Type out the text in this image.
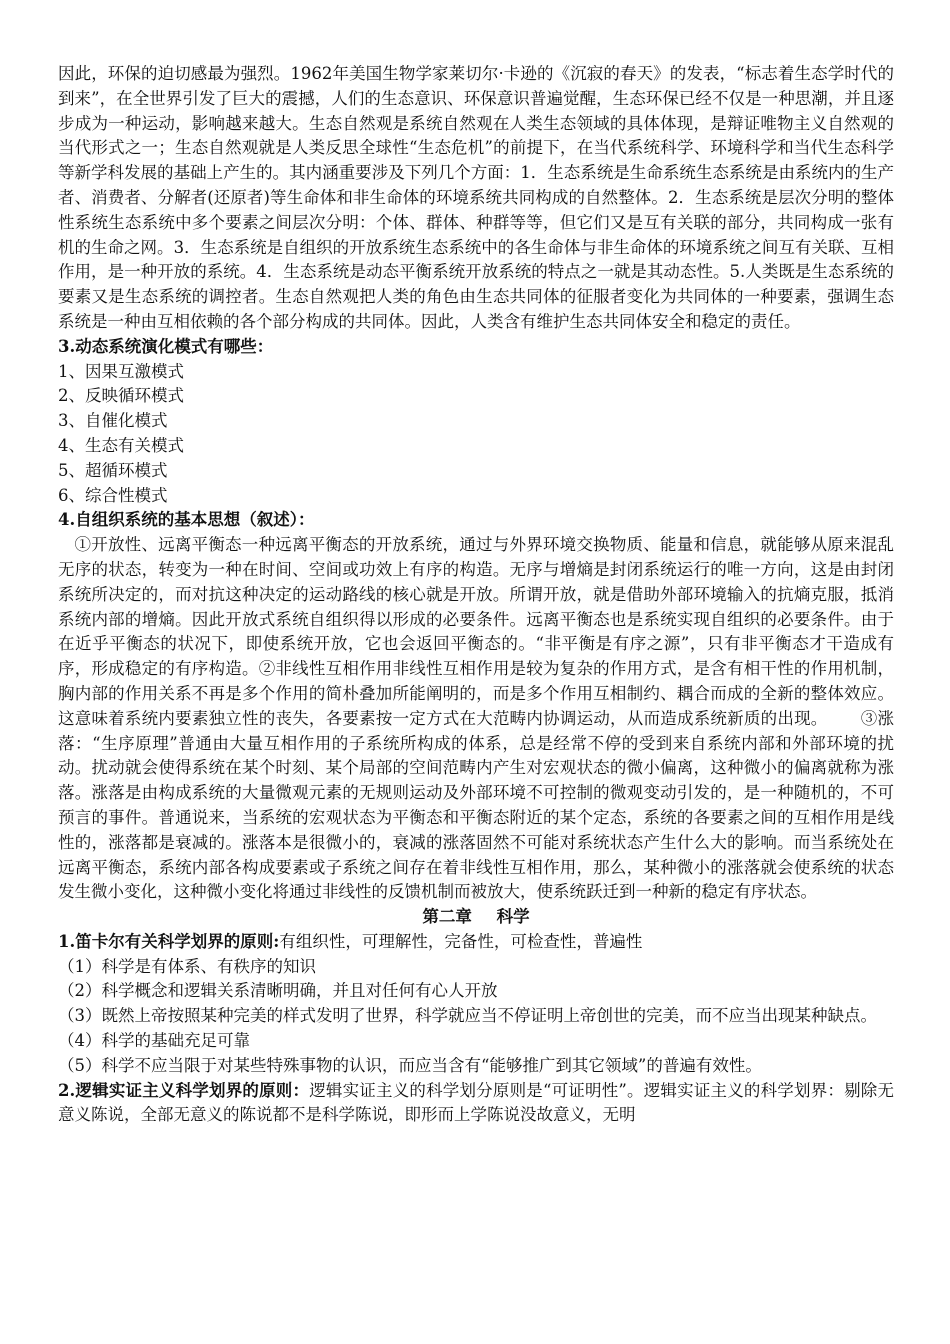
因此，环保的迫切感最为强烈。1962年美国生物学家莱切尔·卡逊的《沉寂的春天》的发表，“标志着生态学时代的到来”，在全世界引发了巨大的震撼，人们的生态意识、环保意识普遍觉醒，生态环保已经不仅是一种思潮，并且逐步成为一种运动，影响越来越大。生态自然观是系统自然观在人类生态领域的具体体现，是辩证唯物主义自然观的当代形式之一；生态自然观就是人类反思全球性“生态危机”的前提下，在当代系统科学、环境科学和当代生态科学等新学科发展的基础上产生的。其内涵重要涉及下列几个方面：1．生态系统是生命系统生态系统是由系统内的生产者、消费者、分解者(还原者)等生命体和非生命体的环境系统共同构成的自然整体。2．生态系统是层次分明的整体性系统生态系统中多个要素之间层次分明：个体、群体、种群等等，但它们又是互有关联的部分，共同构成一张有机的生命之网。3．生态系统是自组织的开放系统生态系统中的各生命体与非生命体的环境系统之间互有关联、互相作用，是一种开放的系统。4．生态系统是动态平衡系统开放系统的特点之一就是其动态性。5.人类既是生态系统的要素又是生态系统的调控者。生态自然观把人类的角色由生态共同体的征服者变化为共同体的一种要素，强调生态系统是一种由互相依赖的各个部分构成的共同体。因此，人类含有维护生态共同体安全和稳定的责任。

3.动态系统演化模式有哪些：

1、因果互激模式

2、反映循环模式

3、自催化模式

4、生态有关模式

5、超循环模式

6、综合性模式

4.自组织系统的基本思想（叙述）：

①开放性、远离平衡态一种远离平衡态的开放系统，通过与外界环境交换物质、能量和信息，就能够从原来混乱无序的状态，转变为一种在时间、空间或功效上有序的构造。无序与增熵是封闭系统运行的唯一方向，这是由封闭系统所决定的，而对抗这种决定的运动路线的核心就是开放。所谓开放，就是借助外部环境输入的抗熵克服，抵消系统内部的增熵。因此开放式系统自组织得以形成的必要条件。远离平衡态也是系统实现自组织的必要条件。由于在近乎平衡态的状况下，即使系统开放，它也会返回平衡态的。“非平衡是有序之源”，只有非平衡态才干造成有序，形成稳定的有序构造。②非线性互相作用非线性互相作用是较为复杂的作用方式，是含有相干性的作用机制，胸内部的作用关系不再是多个作用的简朴叠加所能阐明的，而是多个作用互相制约、耦合而成的全新的整体效应。这意味着系统内要素独立性的丧失，各要素按一定方式在大范畴内协调运动，从而造成系统新质的出现。 ③涨落：“生序原理”普通由大量互相作用的子系统所构成的体系，总是经常不停的受到来自系统内部和外部环境的扰动。扰动就会使得系统在某个时刻、某个局部的空间范畴内产生对宏观状态的微小偏离，这种微小的偏离就称为涨落。涨落是由构成系统的大量微观元素的无规则运动及外部环境不可控制的微观变动引发的，是一种随机的，不可预言的事件。普通说来，当系统的宏观状态为平衡态和平衡态附近的某个定态，系统的各要素之间的互相作用是线性的，涨落都是衰减的。涨落本是很微小的，衰减的涨落固然不可能对系统状态产生什么大的影响。而当系统处在远离平衡态，系统内部各构成要素或子系统之间存在着非线性互相作用，那么，某种微小的涨落就会使系统的状态发生微小变化，这种微小变化将通过非线性的反馈机制而被放大，使系统跃迁到一种新的稳定有序状态。

第二章 科学

1.笛卡尔有关科学划界的原则:有组织性，可理解性，完备性，可检查性，普遍性

（1）科学是有体系、有秩序的知识

（2）科学概念和逻辑关系清晰明确，并且对任何有心人开放

（3）既然上帝按照某种完美的样式发明了世界，科学就应当不停证明上帝创世的完美，而不应当出现某种缺点。

（4）科学的基础充足可靠

（5）科学不应当限于对某些特殊事物的认识，而应当含有“能够推广到其它领域”的普遍有效性。

2.逻辑实证主义科学划界的原则：逻辑实证主义的科学划分原则是“可证明性”。逻辑实证主义的科学划界：剔除无意义陈说，全部无意义的陈说都不是科学陈说，即形而上学陈说没故意义，无明
